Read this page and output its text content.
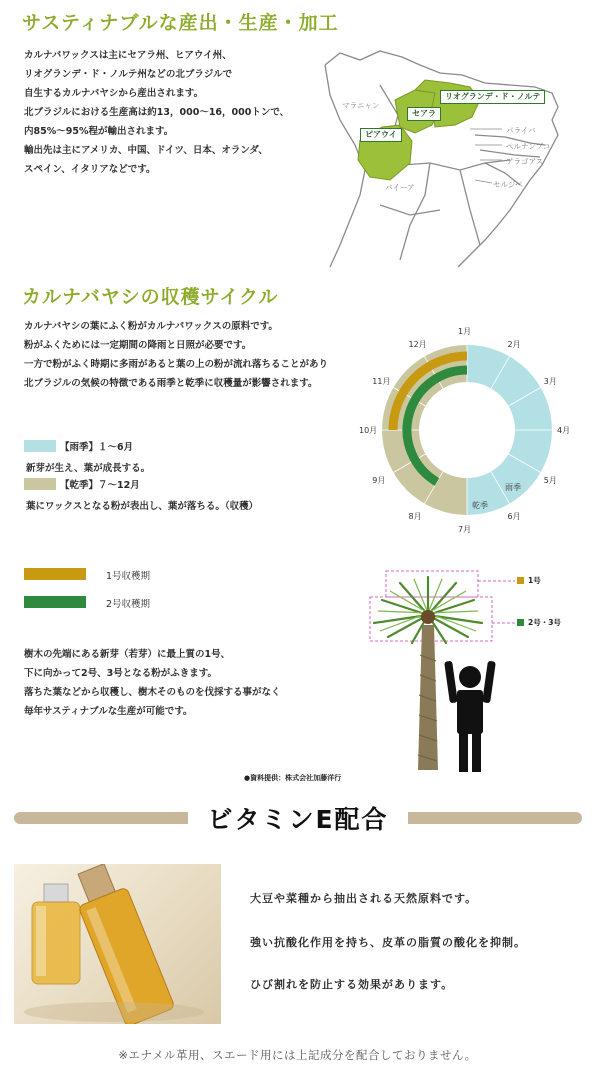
サスティナブルな産出・生産・加工
カルナバワックスは主にセアラ州、ヒアウイ州、
リオグランデ・ド・ノルテ州などの北ブラジルで
自生するカルナバヤシから産出されます。
北ブラジルにおける生産高は約13，000〜16，000トンで、
内85%〜95%程が輸出されます。
輸出先は主にアメリカ、中国、ドイツ、日本、オランダ、
スペイン、イタリアなどです。
リオグランデ・ド・ノルテ
セアラ
ピアウイ
マラニャン
パライバ
ペルナンブコ
アラゴアス
セルジペ
バイーア
カルナバヤシの収穫サイクル
カルナバヤシの葉にふく粉がカルナバワックスの原料です。
粉がふくためには一定期間の降雨と日照が必要です。
一方で粉がふく時期に多雨があると葉の上の粉が流れ落ちることがあり
北ブラジルの気候の特徴である雨季と乾季に収穫量が影響されます。
【雨季】１〜6月
新芽が生え、葉が成長する。
【乾季】７〜12月
葉にワックスとなる粉が表出し、葉が落ちる。（収穫）
1月
2月
3月
4月
5月
6月
7月
8月
9月
10月
11月
12月
雨季
乾季
1号収穫期
2号収穫期
樹木の先端にある新芽（若芽）に最上質の1号、
下に向かって2号、3号となる粉がふきます。
落ちた葉などから収穫し、樹木そのものを伐採する事がなく
毎年サスティナブルな生産が可能です。
1号
2号・3号
●資料提供：株式会社加藤洋行
ビタミンE配合
大豆や菜種から抽出される天然原料です。
強い抗酸化作用を持ち、皮革の脂質の酸化を抑制。
ひび割れを防止する効果があります。
※エナメル革用、スエード用には上記成分を配合しておりません。
